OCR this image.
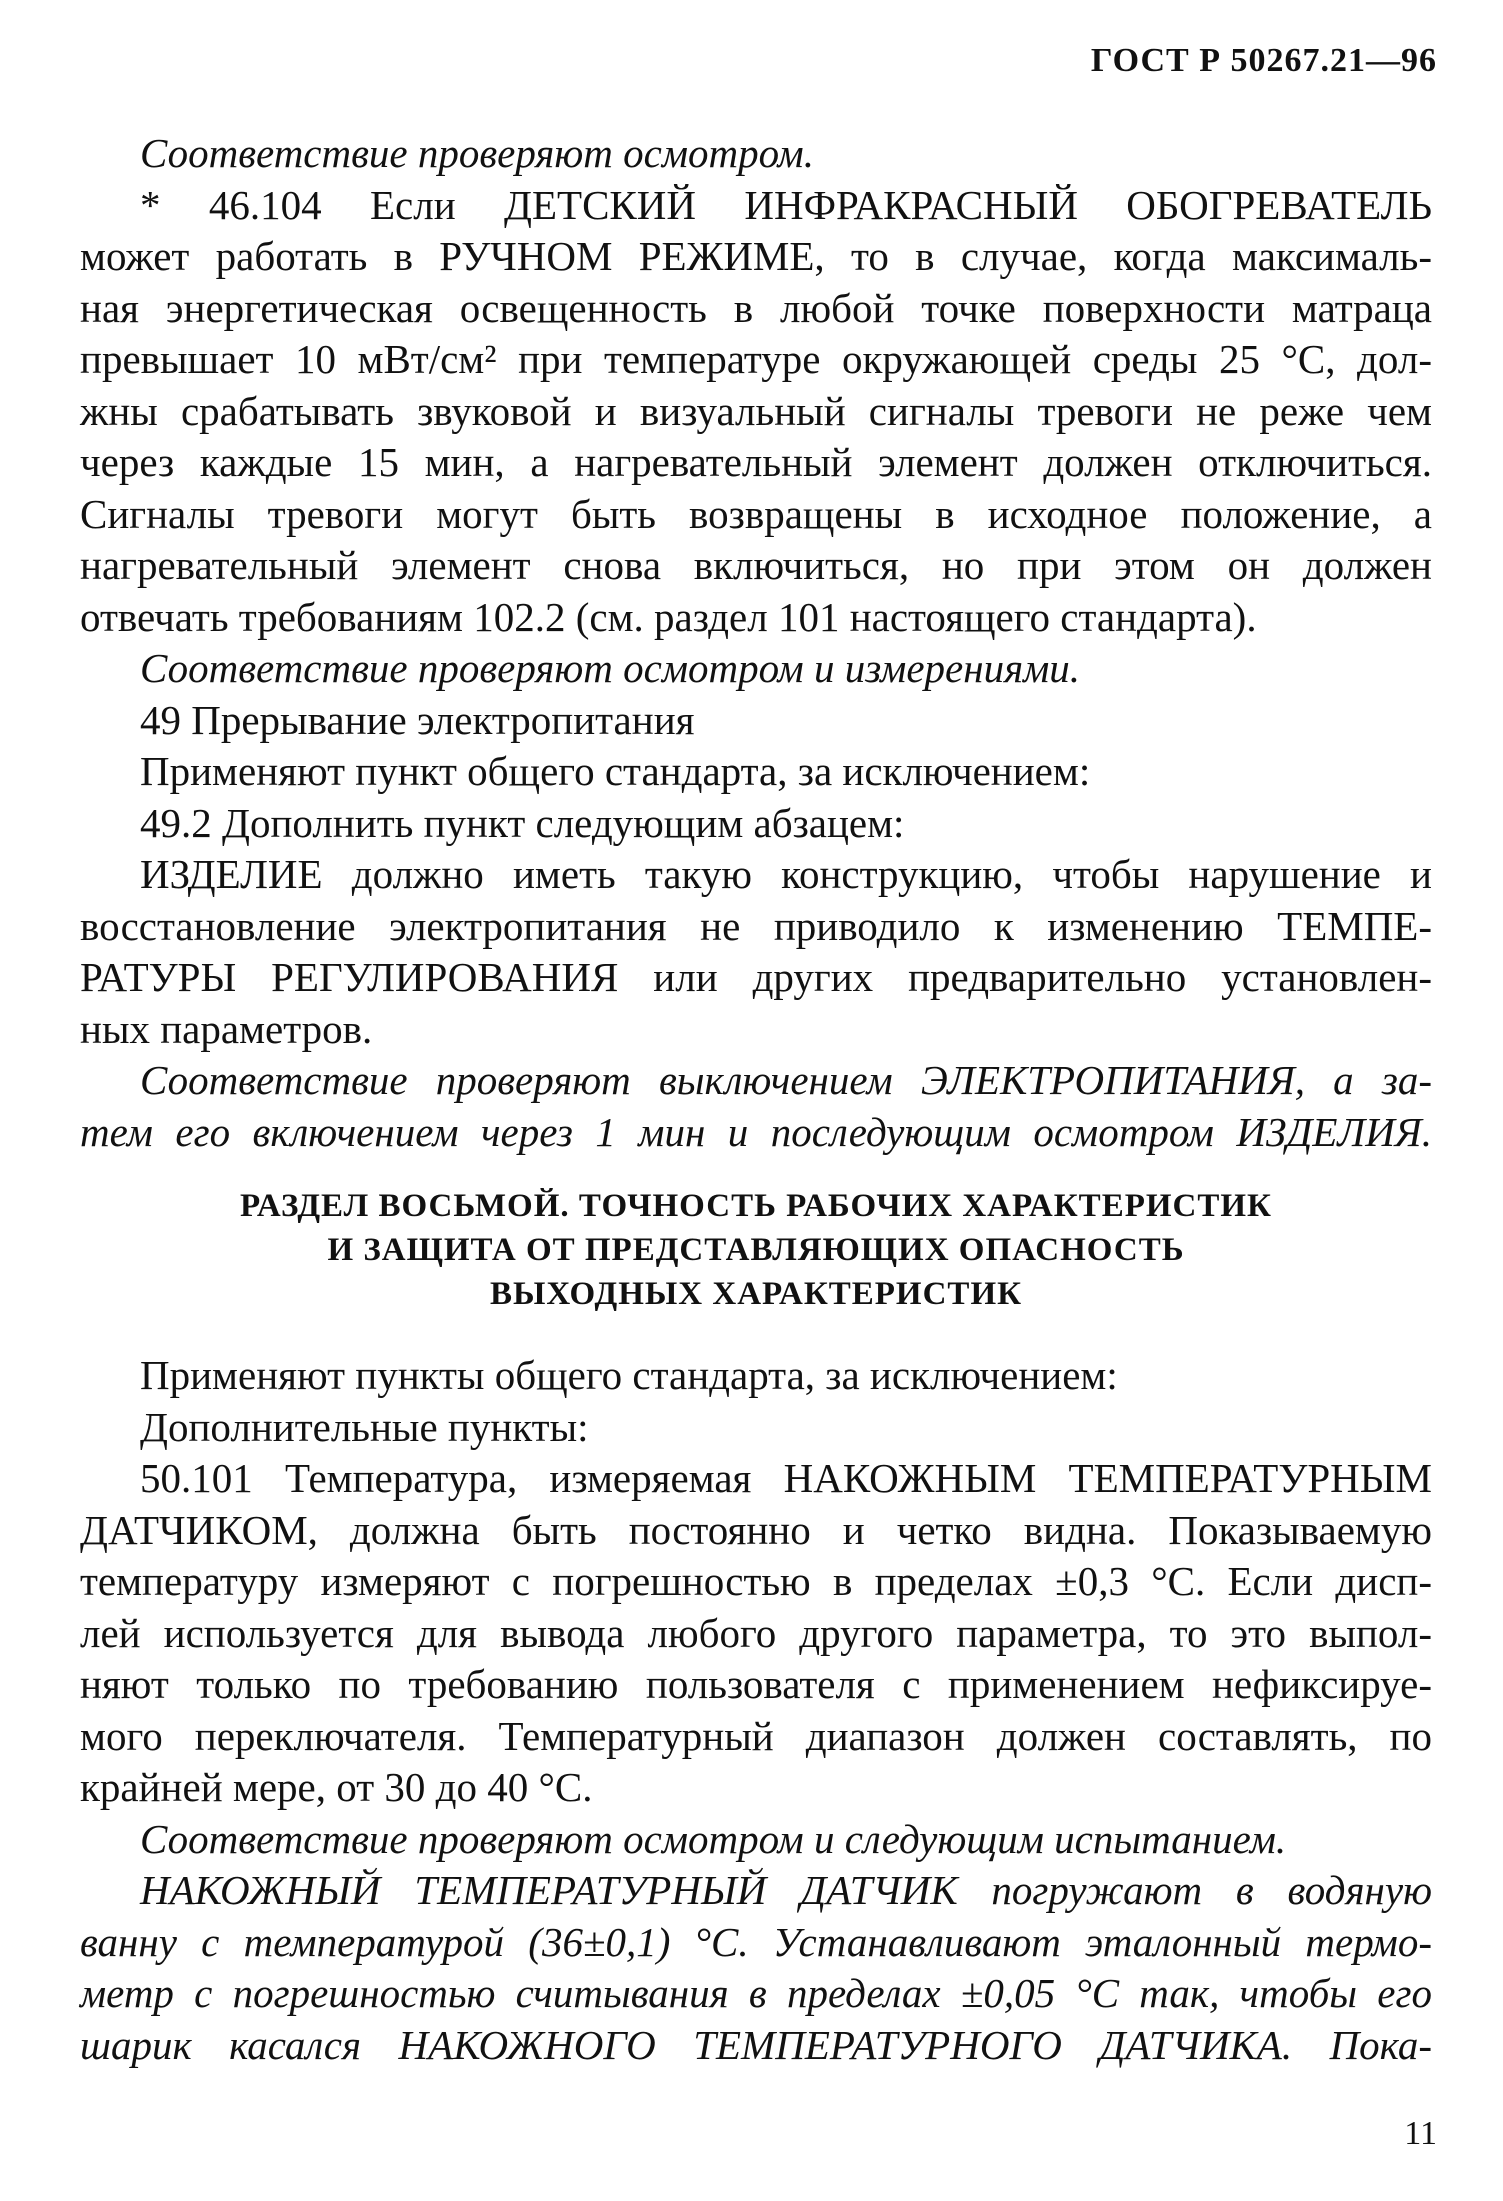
ГОСТ Р 50267.21—96
Соответствие проверяют осмотром.
* 46.104 Если ДЕТСКИЙ ИНФРАКРАСНЫЙ ОБОГРЕВАТЕЛЬ
может работать в РУЧНОМ РЕЖИМЕ, то в случае, когда максималь-
ная энергетическая освещенность в любой точке поверхности матраца
превышает 10 мВт/см² при температуре окружающей среды 25 °С, дол-
жны срабатывать звуковой и визуальный сигналы тревоги не реже чем
через каждые 15 мин, а нагревательный элемент должен отключиться.
Сигналы тревоги могут быть возвращены в исходное положение, а
нагревательный элемент снова включиться, но при этом он должен
отвечать требованиям 102.2 (см. раздел 101 настоящего стандарта).
Соответствие проверяют осмотром и измерениями.
49 Прерывание электропитания
Применяют пункт общего стандарта, за исключением:
49.2 Дополнить пункт следующим абзацем:
ИЗДЕЛИЕ должно иметь такую конструкцию, чтобы нарушение и
восстановление электропитания не приводило к изменению ТЕМПЕ-
РАТУРЫ РЕГУЛИРОВАНИЯ или других предварительно установлен-
ных параметров.
Соответствие проверяют выключением ЭЛЕКТРОПИТАНИЯ, а за-
тем его включением через 1 мин и последующим осмотром ИЗДЕЛИЯ.
РАЗДЕЛ ВОСЬМОЙ. ТОЧНОСТЬ РАБОЧИХ ХАРАКТЕРИСТИК
И ЗАЩИТА ОТ ПРЕДСТАВЛЯЮЩИХ ОПАСНОСТЬ
ВЫХОДНЫХ ХАРАКТЕРИСТИК
Применяют пункты общего стандарта, за исключением:
Дополнительные пункты:
50.101 Температура, измеряемая НАКОЖНЫМ ТЕМПЕРАТУРНЫМ
ДАТЧИКОМ, должна быть постоянно и четко видна. Показываемую
температуру измеряют с погрешностью в пределах ±0,3 °С. Если дисп-
лей используется для вывода любого другого параметра, то это выпол-
няют только по требованию пользователя с применением нефиксируе-
мого переключателя. Температурный диапазон должен составлять, по
крайней мере, от 30 до 40 °С.
Соответствие проверяют осмотром и следующим испытанием.
НАКОЖНЫЙ ТЕМПЕРАТУРНЫЙ ДАТЧИК погружают в водяную
ванну с температурой (36±0,1) °С. Устанавливают эталонный термо-
метр с погрешностью считывания в пределах ±0,05 °С так, чтобы его
шарик касался НАКОЖНОГО ТЕМПЕРАТУРНОГО ДАТЧИКА. Пока-
11
